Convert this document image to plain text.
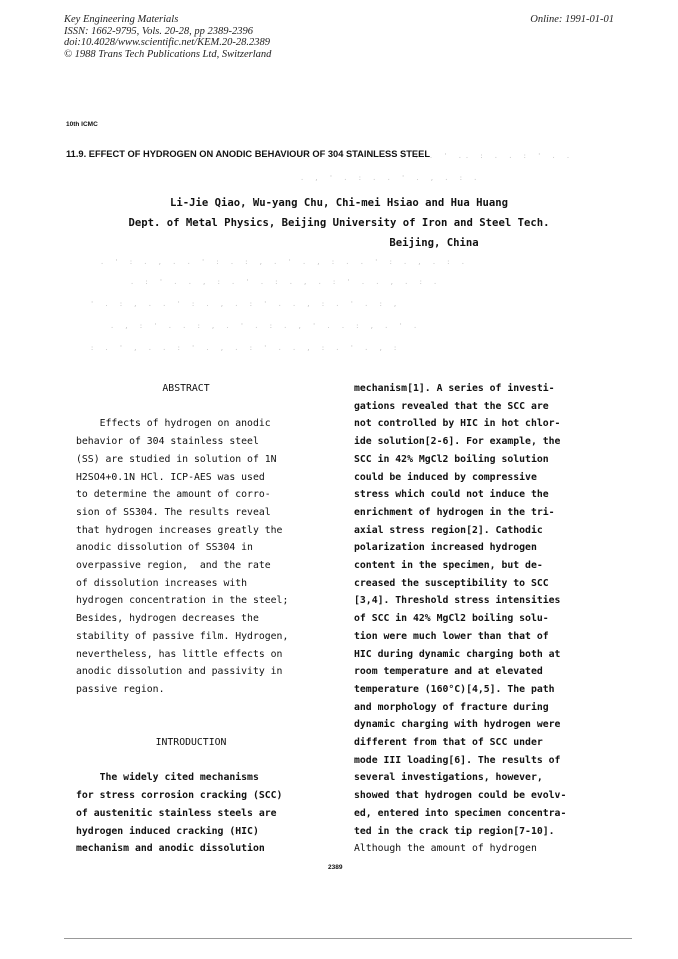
Key Engineering Materials
ISSN: 1662-9795, Vols. 20-28, pp 2389-2396
doi:10.4028/www.scientific.net/KEM.20-28.2389
© 1988 Trans Tech Publications Ltd, Switzerland
Online: 1991-01-01
10th ICMC
11.9. EFFECT OF HYDROGEN ON ANODIC BEHAVIOUR OF 304 STAINLESS STEEL
. : . ' .. : . . : ' . .
. , ' . : . . ' . , . : .
. ' : . , . . ' : . : , . ' . , : . . ' : . , . : .
. : ' . . , : . ' . : . , . : ' . . , . : .
' . : , . . ' : . , . : ' . . , : . ' . : ,
. , : ' . . : , . ' . : . , ' . . : , . ' .
: . ' , . . : ' . , . : ' . . , : . ' . , :
Li-Jie Qiao, Wu-yang Chu, Chi-mei Hsiao and Hua Huang
Dept. of Metal Physics, Beijing University of Iron and Steel Tech.
Beijing, China

ABSTRACT

Effects of hydrogen on anodic

behavior of 304 stainless steel

(SS) are studied in solution of 1N

H2SO4+0.1N HCl. ICP-AES was used

to determine the amount of corro-

sion of SS304. The results reveal

that hydrogen increases greatly the

anodic dissolution of SS304 in

overpassive region,  and the rate

of dissolution increases with

hydrogen concentration in the steel;

Besides, hydrogen decreases the

stability of passive film. Hydrogen,

nevertheless, has little effects on

anodic dissolution and passivity in

passive region.

INTRODUCTION

The widely cited mechanisms

for stress corrosion cracking (SCC)

of austenitic stainless steels are

hydrogen induced cracking (HIC)

mechanism and anodic dissolution

mechanism[1]. A series of investi-

gations revealed that the SCC are

not controlled by HIC in hot chlor-

ide solution[2-6]. For example, the

SCC in 42% MgCl2 boiling solution

could be induced by compressive

stress which could not induce the

enrichment of hydrogen in the tri-

axial stress region[2]. Cathodic

polarization increased hydrogen

content in the specimen, but de-

creased the susceptibility to SCC

[3,4]. Threshold stress intensities

of SCC in 42% MgCl2 boiling solu-

tion were much lower than that of

HIC during dynamic charging both at

room temperature and at elevated

temperature (160°C)[4,5]. The path

and morphology of fracture during

dynamic charging with hydrogen were

different from that of SCC under

mode III loading[6]. The results of

several investigations, however,

showed that hydrogen could be evolv-

ed, entered into specimen concentra-

ted in the crack tip region[7-10].

Although the amount of hydrogen

2389
